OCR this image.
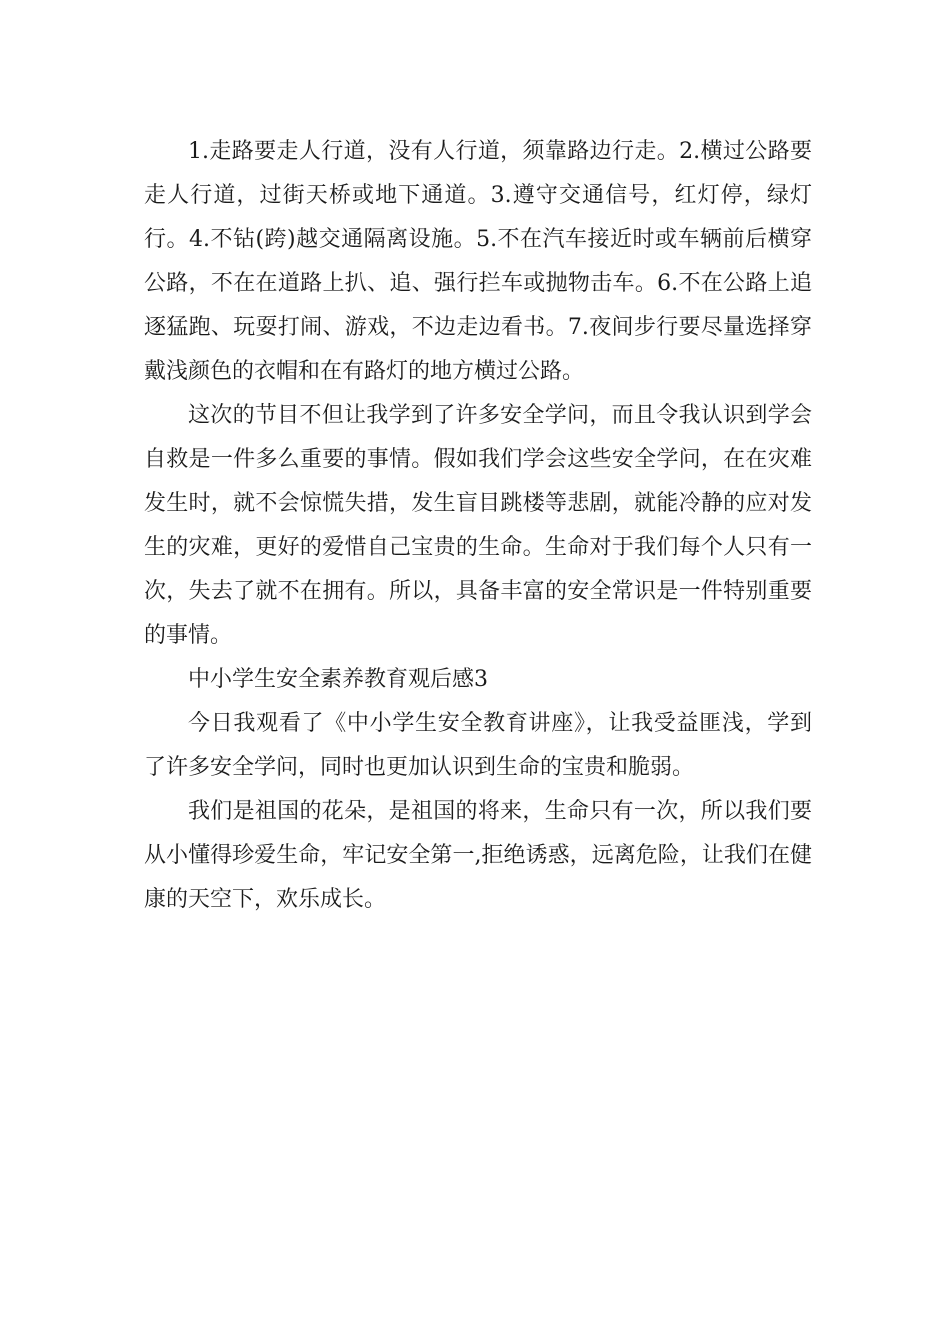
1.走路要走人行道，没有人行道，须靠路边行走。2.横过公路要走人行道，过街天桥或地下通道。3.遵守交通信号，红灯停，绿灯行。4.不钻(跨)越交通隔离设施。5.不在汽车接近时或车辆前后横穿公路，不在在道路上扒、追、强行拦车或抛物击车。6.不在公路上追逐猛跑、玩耍打闹、游戏，不边走边看书。7.夜间步行要尽量选择穿戴浅颜色的衣帽和在有路灯的地方横过公路。

这次的节目不但让我学到了许多安全学问，而且令我认识到学会自救是一件多么重要的事情。假如我们学会这些安全学问，在在灾难发生时，就不会惊慌失措，发生盲目跳楼等悲剧，就能冷静的应对发生的灾难，更好的爱惜自己宝贵的生命。生命对于我们每个人只有一次，失去了就不在拥有。所以，具备丰富的安全常识是一件特别重要的事情。

中小学生安全素养教育观后感3

今日我观看了《中小学生安全教育讲座》，让我受益匪浅，学到了许多安全学问，同时也更加认识到生命的宝贵和脆弱。

我们是祖国的花朵，是祖国的将来，生命只有一次，所以我们要从小懂得珍爱生命，牢记安全第一,拒绝诱惑，远离危险，让我们在健康的天空下，欢乐成长。
